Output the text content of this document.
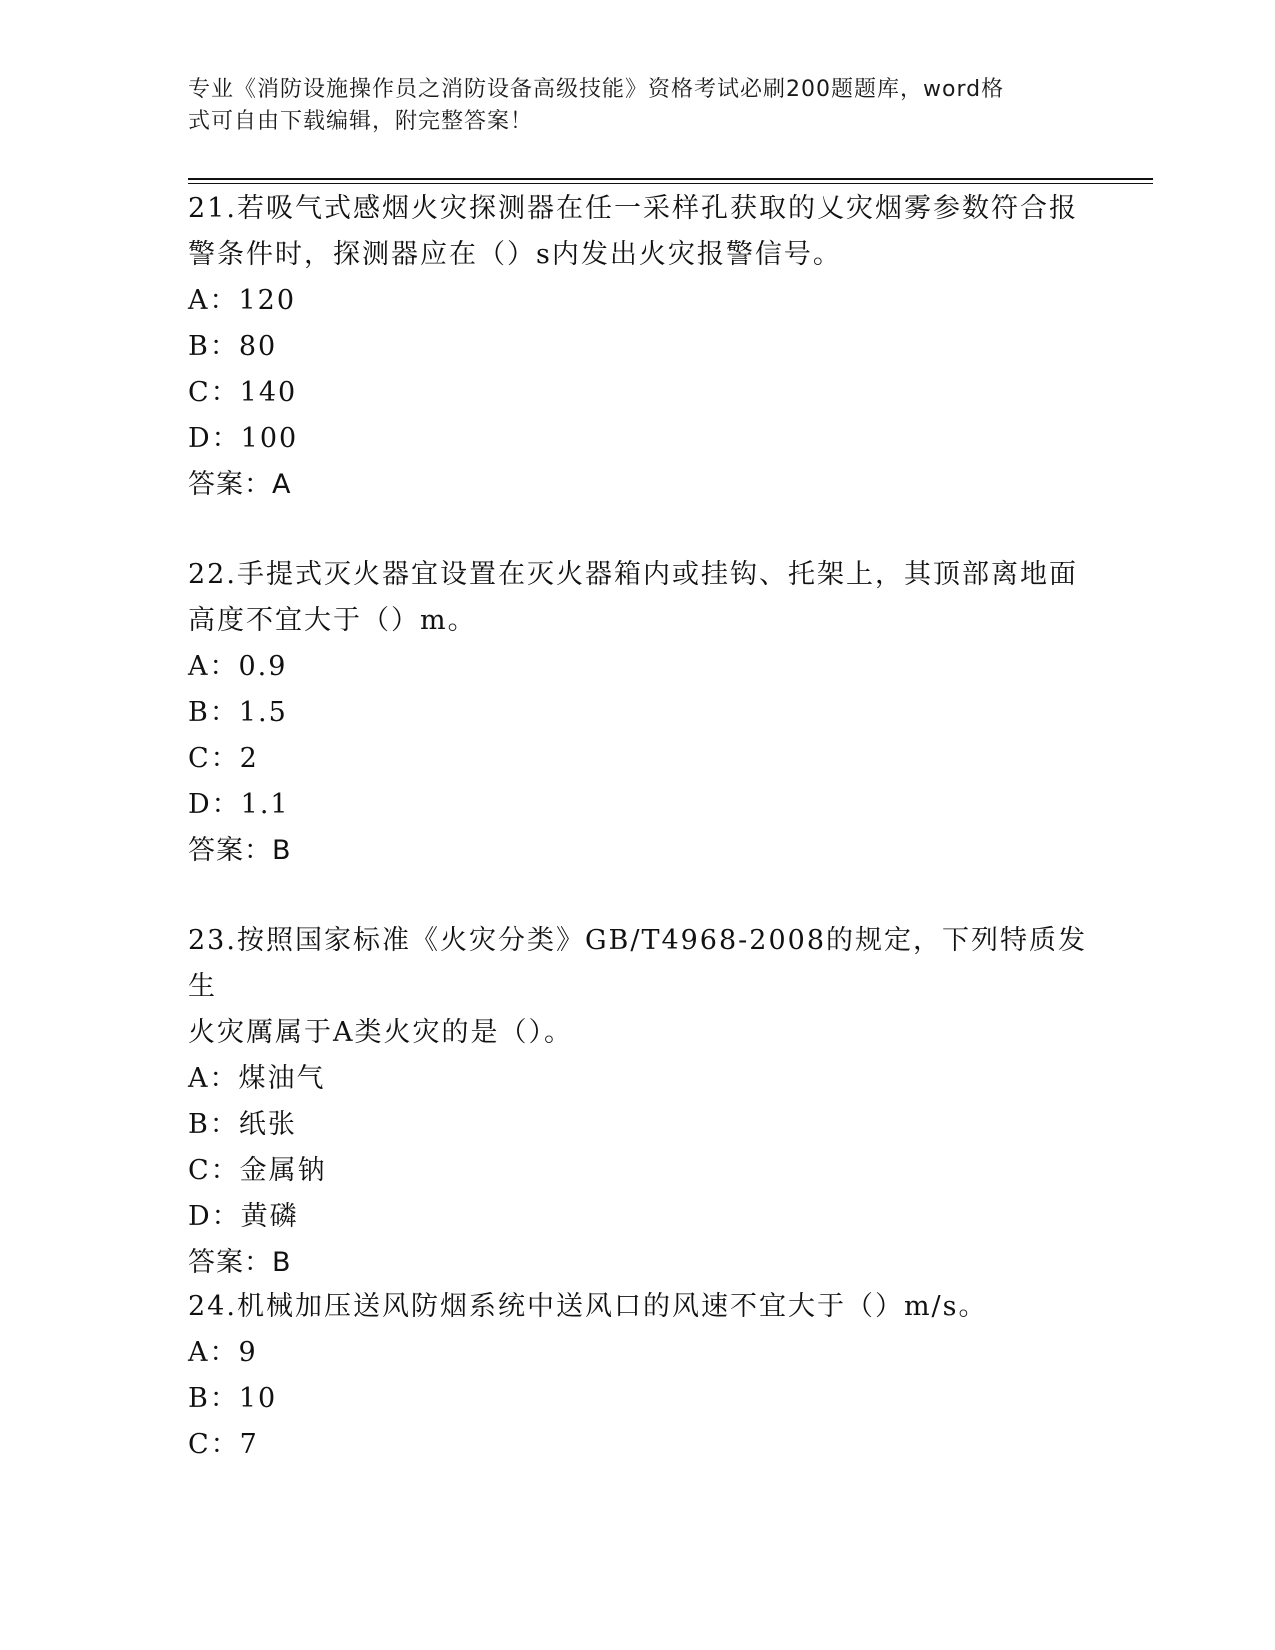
专业《消防设施操作员之消防设备高级技能》资格考试必刷200题题库，word格
式可自由下载编辑，附完整答案！

21.若吸气式感烟火灾探测器在任一采样孔获取的乂灾烟雾参数符合报

警条件时，探测器应在（）s内发出火灾报警信号。

A：120

B：80

C：140

D：100

答案：A

22.手提式灭火器宜设置在灭火器箱内或挂钩、托架上，其顶部离地面

高度不宜大于（）m。

A：0.9

B：1.5

C：2

D：1.1

答案：B

23.按照国家标准《火灾分类》GB/T4968-2008的规定，下列特质发生

火灾厲属于A类火灾的是（）。

A：煤油气

B：纸张

C：金属钠

D：黄磷

答案：B

24.机械加压送风防烟系统中送风口的风速不宜大于（）m/s。

A：9

B：10

C：7
